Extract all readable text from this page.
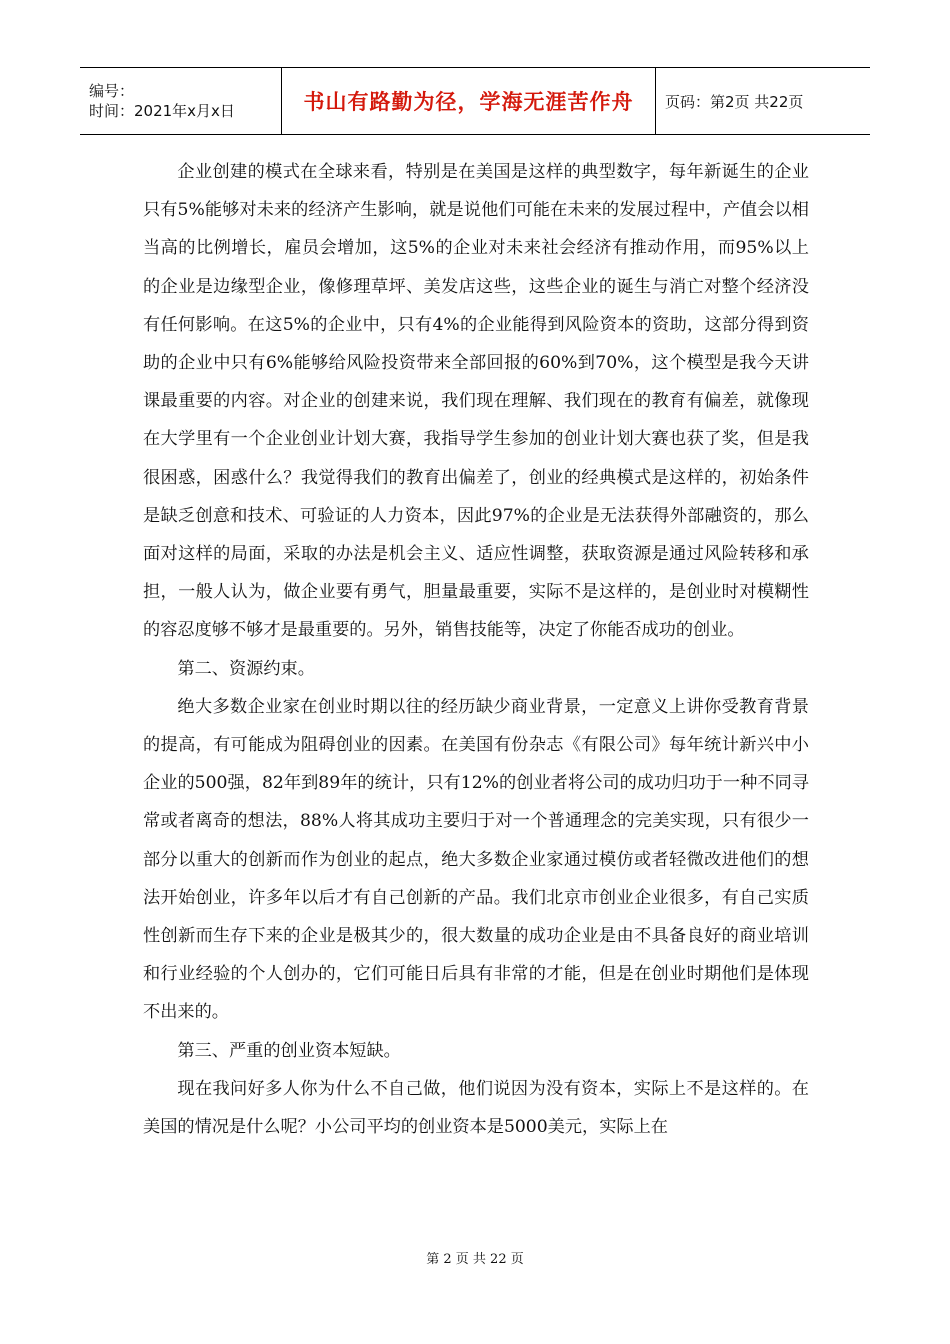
编号：
时间：2021年x月x日	书山有路勤为径，学海无涯苦作舟 页码：第2页 共22页

企业创建的模式在全球来看，特别是在美国是这样的典型数字，每年新诞生的企业只有5%能够对未来的经济产生影响，就是说他们可能在未来的发展过程中，产值会以相当高的比例增长，雇员会增加，这5%的企业对未来社会经济有推动作用，而95%以上的企业是边缘型企业，像修理草坪、美发店这些，这些企业的诞生与消亡对整个经济没有任何影响。在这5%的企业中，只有4%的企业能得到风险资本的资助，这部分得到资助的企业中只有6%能够给风险投资带来全部回报的60%到70%，这个模型是我今天讲课最重要的内容。对企业的创建来说，我们现在理解、我们现在的教育有偏差，就像现在大学里有一个企业创业计划大赛，我指导学生参加的创业计划大赛也获了奖，但是我很困惑，困惑什么？我觉得我们的教育出偏差了，创业的经典模式是这样的，初始条件是缺乏创意和技术、可验证的人力资本，因此97%的企业是无法获得外部融资的，那么面对这样的局面，采取的办法是机会主义、适应性调整，获取资源是通过风险转移和承担，一般人认为，做企业要有勇气，胆量最重要，实际不是这样的，是创业时对模糊性的容忍度够不够才是最重要的。另外，销售技能等，决定了你能否成功的创业。

第二、资源约束。

绝大多数企业家在创业时期以往的经历缺少商业背景，一定意义上讲你受教育背景的提高，有可能成为阻碍创业的因素。在美国有份杂志《有限公司》每年统计新兴中小企业的500强，82年到89年的统计，只有12%的创业者将公司的成功归功于一种不同寻常或者离奇的想法，88%人将其成功主要归于对一个普通理念的完美实现，只有很少一部分以重大的创新而作为创业的起点，绝大多数企业家通过模仿或者轻微改进他们的想法开始创业，许多年以后才有自己创新的产品。我们北京市创业企业很多，有自己实质性创新而生存下来的企业是极其少的，很大数量的成功企业是由不具备良好的商业培训和行业经验的个人创办的，它们可能日后具有非常的才能，但是在创业时期他们是体现不出来的。

第三、严重的创业资本短缺。

现在我问好多人你为什么不自己做，他们说因为没有资本，实际上不是这样的。在美国的情况是什么呢？小公司平均的创业资本是5000美元，实际上在

第 2 页 共 22 页
